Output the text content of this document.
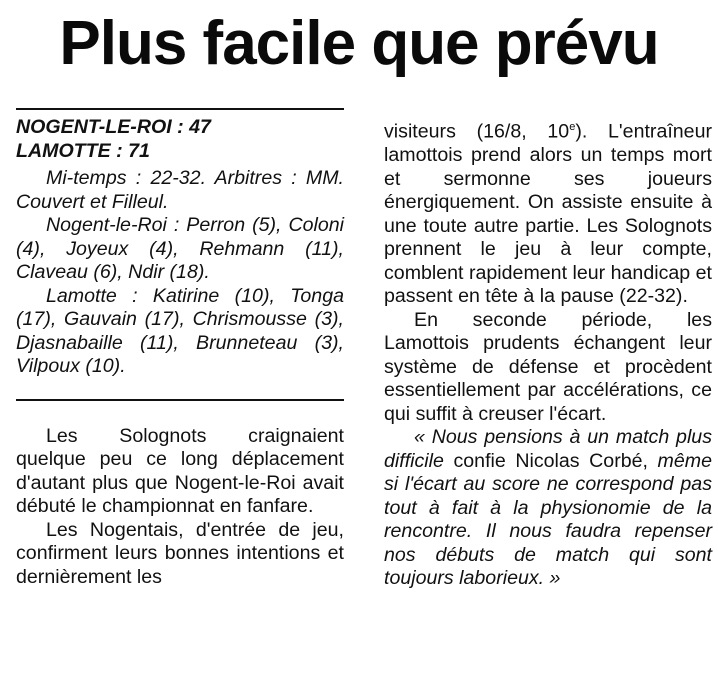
Plus facile que prévu

NOGENT-LE-ROI : 47

LAMOTTE : 71

Mi-temps : 22-32. Arbitres : MM. Couvert et Filleul.

Nogent-le-Roi : Perron (5), Coloni (4), Joyeux (4), Rehmann (11), Claveau (6), Ndir (18).

Lamotte : Katirine (10), Tonga (17), Gauvain (17), Chrismousse (3), Djasnabaille (11), Brunneteau (3), Vilpoux (10).

Les Solognots craignaient quelque peu ce long déplacement d'autant plus que Nogent-le-Roi avait débuté le championnat en fanfare.

Les Nogentais, d'entrée de jeu, confirment leurs bonnes intentions et dernièrement les

visiteurs (16/8, 10e). L'entraîneur lamottois prend alors un temps mort et sermonne ses joueurs énergiquement. On assiste ensuite à une toute autre partie. Les Solognots prennent le jeu à leur compte, comblent rapidement leur handicap et passent en tête à la pause (22-32).

En seconde période, les Lamottois prudents échangent leur système de défense et procèdent essentiellement par accélérations, ce qui suffit à creuser l'écart.

« Nous pensions à un match plus difficile confie Nicolas Corbé, même si l'écart au score ne correspond pas tout à fait à la physionomie de la rencontre. Il nous faudra repenser nos débuts de match qui sont toujours laborieux. »
